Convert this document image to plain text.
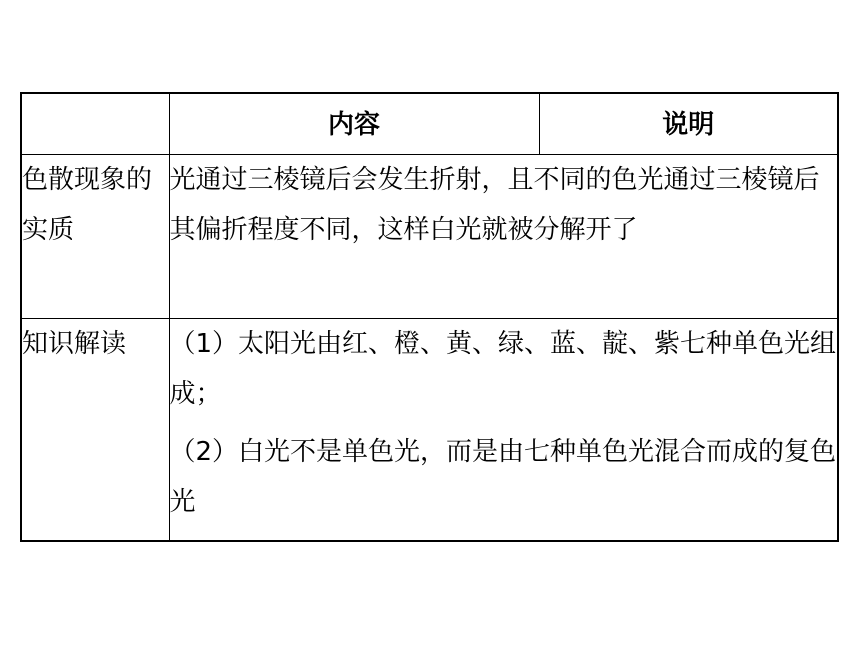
	内容	说明
色散现象的实质	光通过三棱镜后会发生折射，且不同的色光通过三棱镜后其偏折程度不同，这样白光就被分解开了	

知识解读	（1）太阳光由红、橙、黄、绿、蓝、靛、紫七种单色光组成；

（2）白光不是单色光，而是由七种单色光混合而成的复色光	
